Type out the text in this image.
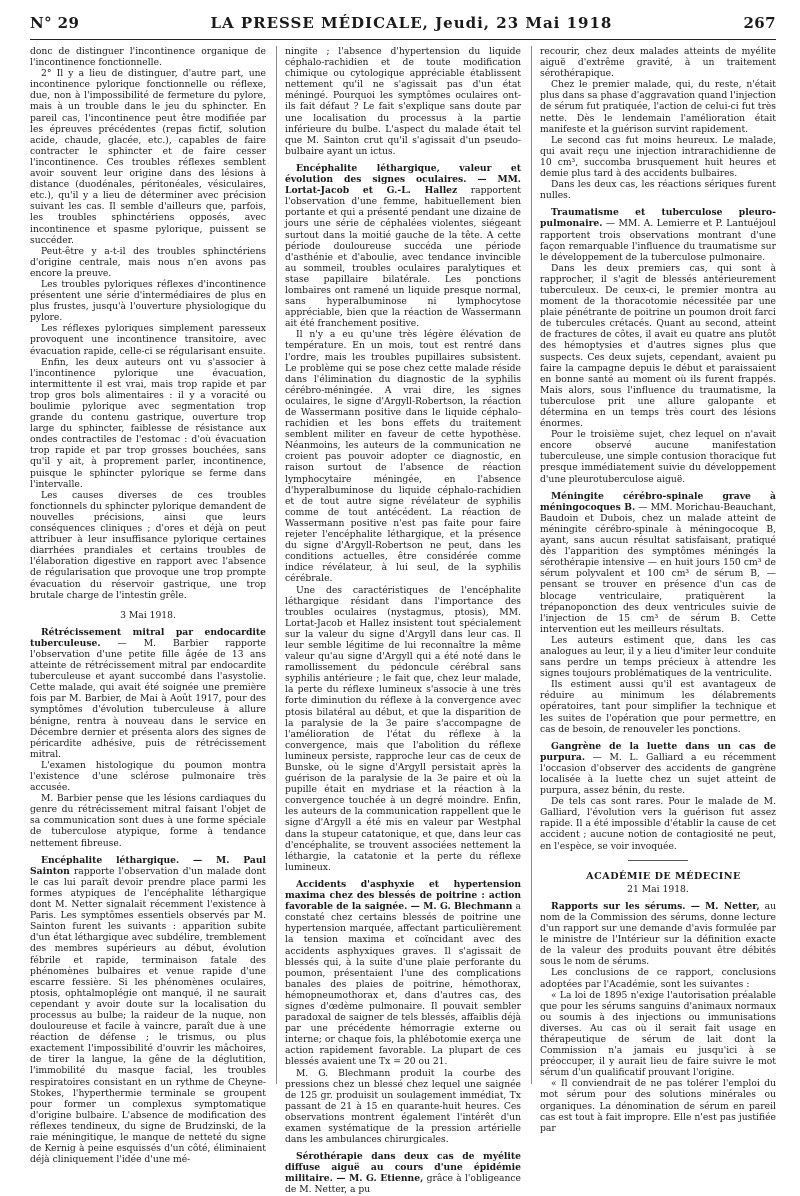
N° 29	LA PRESSE MÉDICALE, Jeudi, 23 Mai 1918	267

donc de distinguer l'incontinence organique de l'incontinence fonctionnelle.

2° Il y a lieu de distinguer, d'autre part, une incontinence pylorique fonctionnelle ou réflexe, due, non à l'impossibilité de fermeture du pylore, mais à un trouble dans le jeu du sphincter. En pareil cas, l'incontinence peut être modifiée par les épreuves précédentes (repas fictif, solution acide, chaude, glacée, etc.), capables de faire contracter le sphincter et de faire cesser l'incontinence. Ces troubles réflexes semblent avoir souvent leur origine dans des lésions à distance (duodénales, péritonéales, vésiculaires, etc.), qu'il y a lieu de déterminer avec précision suivant les cas. Il semble d'ailleurs que, parfois, les troubles sphinctériens opposés, avec incontinence et spasme pylorique, puissent se succéder.

Peut-être y a-t-il des troubles sphinctériens d'origine centrale, mais nous n'en avons pas encore la preuve.

Les troubles pyloriques réflexes d'incontinence présentent une série d'intermédiaires de plus en plus frustes, jusqu'à l'ouverture physiologique du pylore.

Les réflexes pyloriques simplement paresseux provoquent une incontinence transitoire, avec évacuation rapide, celle-ci se régularisant ensuite.

Enfin, les deux auteurs ont vu s'associer à l'incontinence pylorique une évacuation, intermittente il est vrai, mais trop rapide et par trop gros bols alimentaires : il y a voracité ou boulimie pylorique avec segmentation trop grande du contenu gastrique, ouverture trop large du sphincter, faiblesse de résistance aux ondes contractiles de l'estomac : d'où évacuation trop rapide et par trop grosses bouchées, sans qu'il y ait, à proprement parler, incontinence, puisque le sphincter pylorique se ferme dans l'intervalle.

Les causes diverses de ces troubles fonctionnels du sphincter pylorique demandent de nouvelles précisions, ainsi que leurs conséquences cliniques ; d'ores et déjà on peut attribuer à leur insuffisance pylorique certaines diarrhées prandiales et certains troubles de l'élaboration digestive en rapport avec l'absence de régularisation que provoque une trop prompte évacuation du réservoir gastrique, une trop brutale charge de l'intestin grêle.

3 Mai 1918.

Rétrécissement mitral par endocardite tuberculeuse. — M. Barbier rapporte l'observation d'une petite fille âgée de 13 ans atteinte de rétrécissement mitral par endocardite tuberculeuse et ayant succombé dans l'asystolie. Cette malade, qui avait été soignée une première fois par M. Barbier, de Mai à Août 1917, pour des symptômes d'évolution tuberculeuse à allure bénigne, rentra à nouveau dans le service en Décembre dernier et présenta alors des signes de péricardite adhésive, puis de rétrécissement mitral.

L'examen histologique du poumon montra l'existence d'une sclérose pulmonaire très accusée.

M. Barbier pense que les lésions cardiaques du genre du rétrécissement mitral faisant l'objet de sa communication sont dues à une forme spéciale de tuberculose atypique, forme à tendance nettement fibreuse.

Encéphalite léthargique. — M. Paul Sainton rapporte l'observation d'un malade dont le cas lui paraît devoir prendre place parmi les formes atypiques de l'encéphalite léthargique dont M. Netter signalait récemment l'existence à Paris. Les symptômes essentiels observés par M. Sainton furent les suivants : apparition subite d'un état léthargique avec subdélire, tremblement des membres supérieurs au début, évolution fébrile et rapide, terminaison fatale des phénomènes bulbaires et venue rapide d'une escarre fessière. Si les phénomènes oculaires, ptosis, ophtalmoplégie ont manqué, il ne saurait cependant y avoir doute sur la localisation du processus au bulbe; la raideur de la nuque, non douloureuse et facile à vaincre, paraît due à une réaction de défense ; le trismus, ou plus exactement l'impossibilité d'ouvrir les mâchoires, de tirer la langue, la gêne de la déglutition, l'immobilité du masque facial, les troubles respiratoires consistant en un rythme de Cheyne-Stokes, l'hyperthermie terminale se groupent pour former un complexus symptomatique d'origine bulbaire. L'absence de modification des réflexes tendineux, du signe de Brudzinski, de la raie méningitique, le manque de netteté du signe de Kernig à peine esquissés d'un côté, éliminaient déjà cliniquement l'idée d'une mé-

ningite ; l'absence d'hypertension du liquide céphalo-rachidien et de toute modification chimique ou cytologique appréciable établissent nettement qu'il ne s'agissait pas d'un état méningé. Pourquoi les symptômes oculaires ont-ils fait défaut ? Le fait s'explique sans doute par une localisation du processus à la partie inférieure du bulbe. L'aspect du malade était tel que M. Sainton crut qu'il s'agissait d'un pseudo-bulbaire ayant un ictus.

Encéphalite léthargique, valeur et évolution des signes oculaires. — MM. Lortat-Jacob et G.-L. Hallez rapportent l'observation d'une femme, habituellement bien portante et qui a présenté pendant une dizaine de jours une série de céphalées violentes, siégeant surtout dans la moitié gauche de la tête. A cette période douloureuse succéda une période d'asthénie et d'aboulie, avec tendance invincible au sommeil, troubles oculaires paralytiques et stase papillaire bilatérale. Les ponctions lombaires ont ramené un liquide presque normal, sans hyperalbuminose ni lymphocytose appréciable, bien que la réaction de Wassermann ait été franchement positive.

Il n'y a eu qu'une très légère élévation de température. En un mois, tout est rentré dans l'ordre, mais les troubles pupillaires subsistent. Le problème qui se pose chez cette malade réside dans l'élimination du diagnostic de la syphilis cérébro-méningée. A vrai dire, les signes oculaires, le signe d'Argyll-Robertson, la réaction de Wassermann positive dans le liquide céphalo-rachidien et les bons effets du traitement semblent militer en faveur de cette hypothèse. Néanmoins, les auteurs de la communication ne croient pas pouvoir adopter ce diagnostic, en raison surtout de l'absence de réaction lymphocytaire méningée, en l'absence d'hyperalbuminose du liquide céphalo-rachidien et de tout autre signe révélateur de syphilis comme de tout antécédent. La réaction de Wassermann positive n'est pas faite pour faire rejeter l'encéphalite léthargique, et la présence du signe d'Argyll-Robertson ne peut, dans les conditions actuelles, être considérée comme indice révélateur, à lui seul, de la syphilis cérébrale.

Une des caractéristiques de l'encéphalite léthargique résidant dans l'importance des troubles oculaires (nystagmus, ptosis), MM. Lortat-Jacob et Hallez insistent tout spécialement sur la valeur du signe d'Argyll dans leur cas. Il leur semble légitime de lui reconnaître la même valeur qu'au signe d'Argyll qui a été noté dans le ramollissement du pédoncule cérébral sans syphilis antérieure ; le fait que, chez leur malade, la perte du réflexe lumineux s'associe à une très forte diminution du réflexe à la convergence avec ptosis bilatéral au début, et que la disparition de la paralysie de la 3e paire s'accompagne de l'amélioration de l'état du réflexe à la convergence, mais que l'abolition du réflexe lumineux persiste, rapproche leur cas de ceux de Bunske, où le signe d'Argyll persistait après la guérison de la paralysie de la 3e paire et où la pupille était en mydriase et la réaction à la convergence touchée à un degré moindre. Enfin, les auteurs de la communication rappellent que le signe d'Argyll a été mis en valeur par Westphal dans la stupeur catatonique, et que, dans leur cas d'encéphalite, se trouvent associées nettement la léthargie, la catatonie et la perte du réflexe lumineux.

Accidents d'asphyxie et hypertension maxima chez des blessés de poitrine : action favorable de la saignée. — M. G. Blechmann a constaté chez certains blessés de poitrine une hypertension marquée, affectant particulièrement la tension maxima et coïncidant avec des accidents asphyxiques graves. Il s'agissait de blessés qui, à la suite d'une plaie perforante du poumon, présentaient l'une des complications banales des plaies de poitrine, hémothorax, hémopneumothorax et, dans d'autres cas, des signes d'œdème pulmonaire. Il pouvait sembler paradoxal de saigner de tels blessés, affaiblis déjà par une précédente hémorragie externe ou interne; or chaque fois, la phlébotomie exerça une action rapidement favorable. La plupart de ces blessés avaient une Tx = 20 ou 21.

M. G. Blechmann produit la courbe des pressions chez un blessé chez lequel une saignée de 125 gr. produisit un soulagement immédiat, Tx passant de 21 à 15 en quarante-huit heures. Ces observations montrent également l'intérêt d'un examen systématique de la pression artérielle dans les ambulances chirurgicales.

Sérothérapie dans deux cas de myélite diffuse aiguë au cours d'une épidémie militaire. — M. G. Etienne, grâce à l'obligeance de M. Netter, a pu

recourir, chez deux malades atteints de myélite aiguë d'extrême gravité, à un traitement sérothérapique.

Chez le premier malade, qui, du reste, n'était plus dans sa phase d'aggravation quand l'injection de sérum fut pratiquée, l'action de celui-ci fut très nette. Dès le lendemain l'amélioration était manifeste et la guérison survint rapidement.

Le second cas fut moins heureux. Le malade, qui avait reçu une injection intrarachidienne de 10 cm³, succomba brusquement huit heures et demie plus tard à des accidents bulbaires.

Dans les deux cas, les réactions sériques furent nulles.

Traumatisme et tuberculose pleuro-pulmonaire. — MM. A. Lemierre et P. Lantuéjoul rapportent trois observations montrant d'une façon remarquable l'influence du traumatisme sur le développement de la tuberculose pulmonaire.

Dans les deux premiers cas, qui sont à rapprocher, il s'agit de blessés antérieurement tuberculeux. De ceux-ci, le premier montra au moment de la thoracotomie nécessitée par une plaie pénétrante de poitrine un poumon droit farci de tubercules crétacés. Quant au second, atteint de fractures de côtes, il avait eu quatre ans plutôt des hémoptysies et d'autres signes plus que suspects. Ces deux sujets, cependant, avaient pu faire la campagne depuis le début et paraissaient en bonne santé au moment où ils furent frappés. Mais alors, sous l'influence du traumatisme, la tuberculose prit une allure galopante et détermina en un temps très court des lésions énormes.

Pour le troisième sujet, chez lequel on n'avait encore observé aucune manifestation tuberculeuse, une simple contusion thoracique fut presque immédiatement suivie du développement d'une pleurotuberculose aiguë.

Méningite cérébro-spinale grave à méningocoques B. — MM. Morichau-Beauchant, Baudoin et Dubois, chez un malade atteint de méningite cérébro-spinale à méningocoque B, ayant, sans aucun résultat satisfaisant, pratiqué dès l'apparition des symptômes méningés la sérothérapie intensive — en huit jours 150 cm³ de sérum polyvalent et 100 cm³ de sérum B, — pensant se trouver en présence d'un cas de blocage ventriculaire, pratiquèrent la trépanoponction des deux ventricules suivie de l'injection de 15 cm³ de sérum B. Cette intervention eut les meilleurs résultats.

Les auteurs estiment que, dans les cas analogues au leur, il y a lieu d'imiter leur conduite sans perdre un temps précieux à attendre les signes toujours problématiques de la ventriculite.

Ils estiment aussi qu'il est avantageux de réduire au minimum les délabrements opératoires, tant pour simplifier la technique et les suites de l'opération que pour permettre, en cas de besoin, de renouveler les ponctions.

Gangrène de la luette dans un cas de purpura. — M. L. Galliard a eu récemment l'occasion d'observer des accidents de gangrène localisée à la luette chez un sujet atteint de purpura, assez bénin, du reste.

De tels cas sont rares. Pour le malade de M. Galliard, l'évolution vers la guérison fut assez rapide. Il a été impossible d'établir la cause de cet accident ; aucune notion de contagiosité ne peut, en l'espèce, se voir invoquée.

ACADÉMIE DE MÉDECINE

21 Mai 1918.

Rapports sur les sérums. — M. Netter, au nom de la Commission des sérums, donne lecture d'un rapport sur une demande d'avis formulée par le ministre de l'Intérieur sur la définition exacte de la valeur des produits pouvant être débités sous le nom de sérums.

Les conclusions de ce rapport, conclusions adoptées par l'Académie, sont les suivantes :

« La loi de 1895 n'exige l'autorisation préalable que pour les sérums sanguins d'animaux normaux ou soumis à des injections ou immunisations diverses. Au cas où il serait fait usage en thérapeutique de sérum de lait dont la Commission n'a jamais eu jusqu'ici à se préoccuper, il y aurait lieu de faire suivre le mot sérum d'un qualificatif prouvant l'origine.

« Il conviendrait de ne pas tolérer l'emploi du mot sérum pour des solutions minérales ou organiques. La dénomination de sérum en pareil cas est tout à fait impropre. Elle n'est pas justifiée par
